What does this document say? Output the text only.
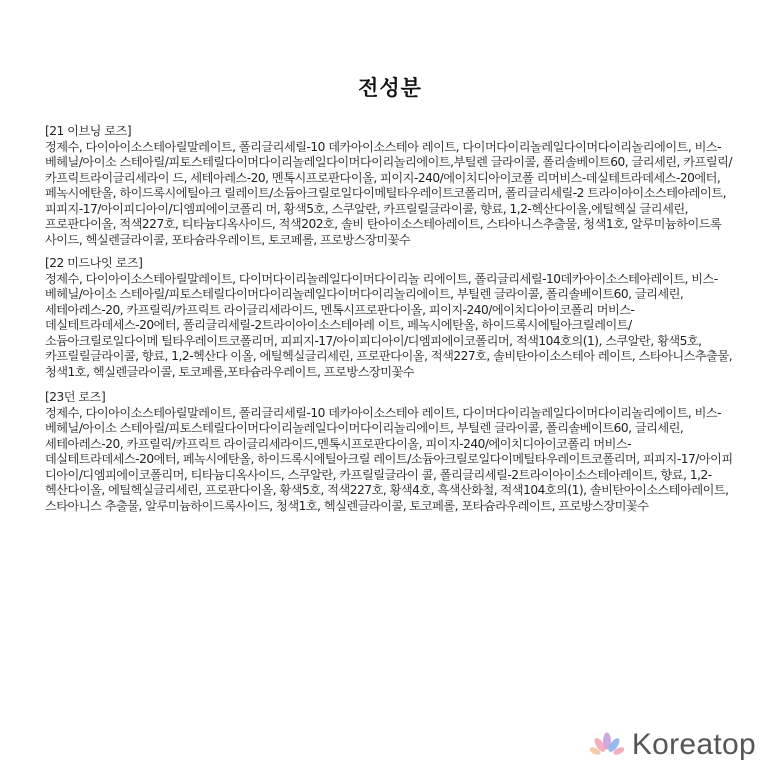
전성분
[21 이브닝 로즈]
정제수, 다이아이소스테아릴말레이트, 폴리글리세릴-10 데카아이소스테아 레이트, 다이머다이리놀레일다이머다이리놀리에이트, 비스-베헤닐/아이소 스테아릴/피토스테릴다이머다이리놀레일다이머다이리놀리에이트,부틸렌 글라이콜, 폴리솔베이트60, 글리세린, 카프릴릭/카프릭트라이글리세라이 드, 세테아레스-20, 멘톡시프로판다이올, 피이지-240/에이치디아이코폴 리머비스-데실테트라데세스-20에터, 페녹시에탄올, 하이드록시에틸아크 릴레이트/소듐아크릴로일다이메틸타우레이트코폴리머, 폴리글리세릴-2 트라이아이소스테아레이트, 피피지-17/아이피디아이/디엠피에이코폴리 머, 황색5호, 스쿠알란, 카프릴릴글라이콜, 향료, 1,2-헥산다이올,에틸헥실 글리세린, 프로판다이올, 적색227호, 티타늄디옥사이드, 적색202호, 솔비 탄아이소스테아레이트, 스타아니스추출물, 청색1호, 알루미늄하이드록 사이드, 헥실렌글라이콜, 포타슘라우레이트, 토코페롤, 프로방스장미꽃수
[22 미드나잇 로즈]
정제수, 다이아이소스테아릴말레이트, 다이머다이리놀레일다이머다이리놀 리에이트, 폴리글리세릴-10데카아이소스테아레이트, 비스-베헤닐/아이소 스테아릴/피토스테릴다이머다이리놀레일다이머다이리놀리에이트, 부틸렌 글라이콜, 폴리솔베이트60, 글리세린, 세테아레스-20, 카프릴릭/카프릭트 라이글리세라이드, 멘톡시프로판다이올, 피이지-240/에이치디아이코폴리 머비스-데실테트라데세스-20에터, 폴리글리세릴-2트라이아이소스테아레 이트, 페녹시에탄올, 하이드록시에틸아크릴레이트/소듐아크릴로일다이메 틸타우레이트코폴리머, 피피지-17/아이피디아이/디엠피에이코폴리머, 적색104호의(1), 스쿠알란, 황색5호, 카프릴릴글라이콜, 향료, 1,2-헥산다 이올, 에틸헥실글리세린, 프로판다이올, 적색227호, 솔비탄아이소스테아 레이트, 스타아니스추출물, 청색1호, 헥실렌글라이콜, 토코페롤,포타슘라우레이트, 프로방스장미꽃수
[23던 로즈]
정제수, 다이아이소스테아릴말레이트, 폴리글리세릴-10 데카아이소스테아 레이트, 다이머다이리놀레일다이머다이리놀리에이트, 비스-베헤닐/아이소 스테아릴/피토스테릴다이머다이리놀레일다이머다이리놀리에이트, 부틸렌 글라이콜, 폴리솔베이트60, 글리세린, 세테아레스-20, 카프릴릭/카프릭트 라이글리세라이드,멘톡시프로판다이올, 피이지-240/에이치디아이코폴리 머비스-데실테트라데세스-20에터, 페녹시에탄올, 하이드록시에틸아크릴 레이트/소듐아크릴로일다이메틸타우레이트코폴리머, 피피지-17/아이피 디아이/디엠피에이코폴리머, 티타늄디옥사이드, 스쿠알란, 카프릴릴글라이 콜, 폴리글리세릴-2트라이아이소스테아레이트, 향료, 1,2-헥산다이올, 에틸헥실글리세린, 프로판다이올, 황색5호, 적색227호, 황색4호, 흑색산화철, 적색104호의(1), 솔비탄아이소스테아레이트, 스타아니스 추출물, 알루미늄하이드록사이드, 청색1호, 헥실렌글라이콜, 토코페롤, 포타슘라우레이트, 프로방스장미꽃수
Koreatop
